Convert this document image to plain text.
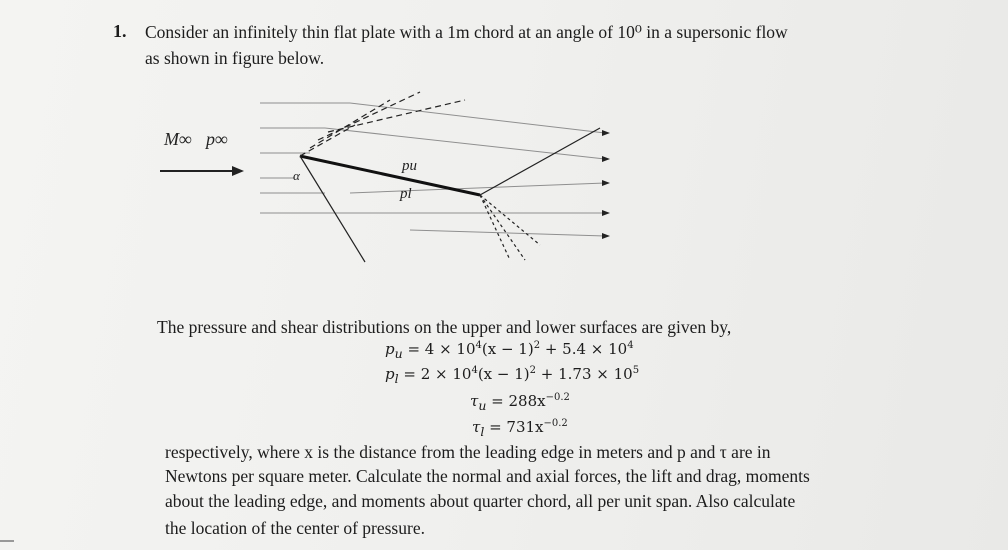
1. Consider an infinitely thin flat plate with a 1m chord at an angle of 10⁰ in a supersonic flow
as shown in figure below.
M∞ p∞
pu
pl
α
The pressure and shear distributions on the upper and lower surfaces are given by,
$p_u = 4 \times 10^4(x - 1)^2 + 5.4 \times 10^4$
$p_l = 2 \times 10^4(x - 1)^2 + 1.73 \times 10^5$
$\tau_u = 288x^{-0.2}$
$\tau_l = 731x^{-0.2}$
respectively, where x is the distance from the leading edge in meters and p and τ are in
Newtons per square meter. Calculate the normal and axial forces, the lift and drag, moments
about the leading edge, and moments about quarter chord, all per unit span. Also calculate
the location of the center of pressure.
